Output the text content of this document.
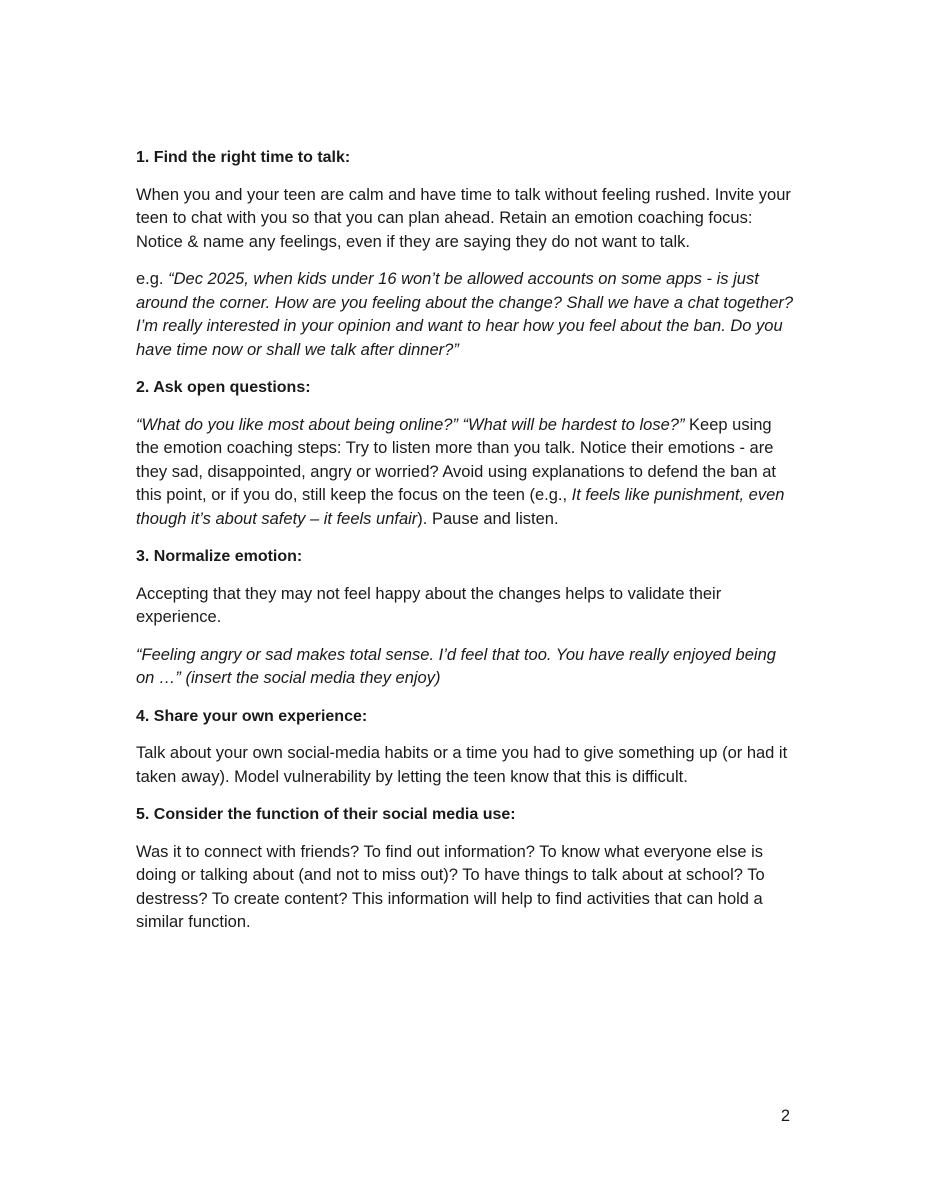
1. Find the right time to talk:

When you and your teen are calm and have time to talk without feeling rushed. Invite your teen to chat with you so that you can plan ahead. Retain an emotion coaching focus: Notice & name any feelings, even if they are saying they do not want to talk.

e.g. “Dec 2025, when kids under 16 won’t be allowed accounts on some apps - is just around the corner. How are you feeling about the change? Shall we have a chat together? I’m really interested in your opinion and want to hear how you feel about the ban. Do you have time now or shall we talk after dinner?”

2. Ask open questions:

“What do you like most about being online?” “What will be hardest to lose?” Keep using the emotion coaching steps: Try to listen more than you talk. Notice their emotions - are they sad, disappointed, angry or worried? Avoid using explanations to defend the ban at this point, or if you do, still keep the focus on the teen (e.g., It feels like punishment, even though it’s about safety – it feels unfair). Pause and listen.

3. Normalize emotion:

Accepting that they may not feel happy about the changes helps to validate their experience.

“Feeling angry or sad makes total sense. I’d feel that too. You have really enjoyed being on …” (insert the social media they enjoy)

4. Share your own experience:

Talk about your own social-media habits or a time you had to give something up (or had it taken away). Model vulnerability by letting the teen know that this is difficult.

5. Consider the function of their social media use:

Was it to connect with friends? To find out information? To know what everyone else is doing or talking about (and not to miss out)? To have things to talk about at school? To destress? To create content? This information will help to find activities that can hold a similar function.

2
